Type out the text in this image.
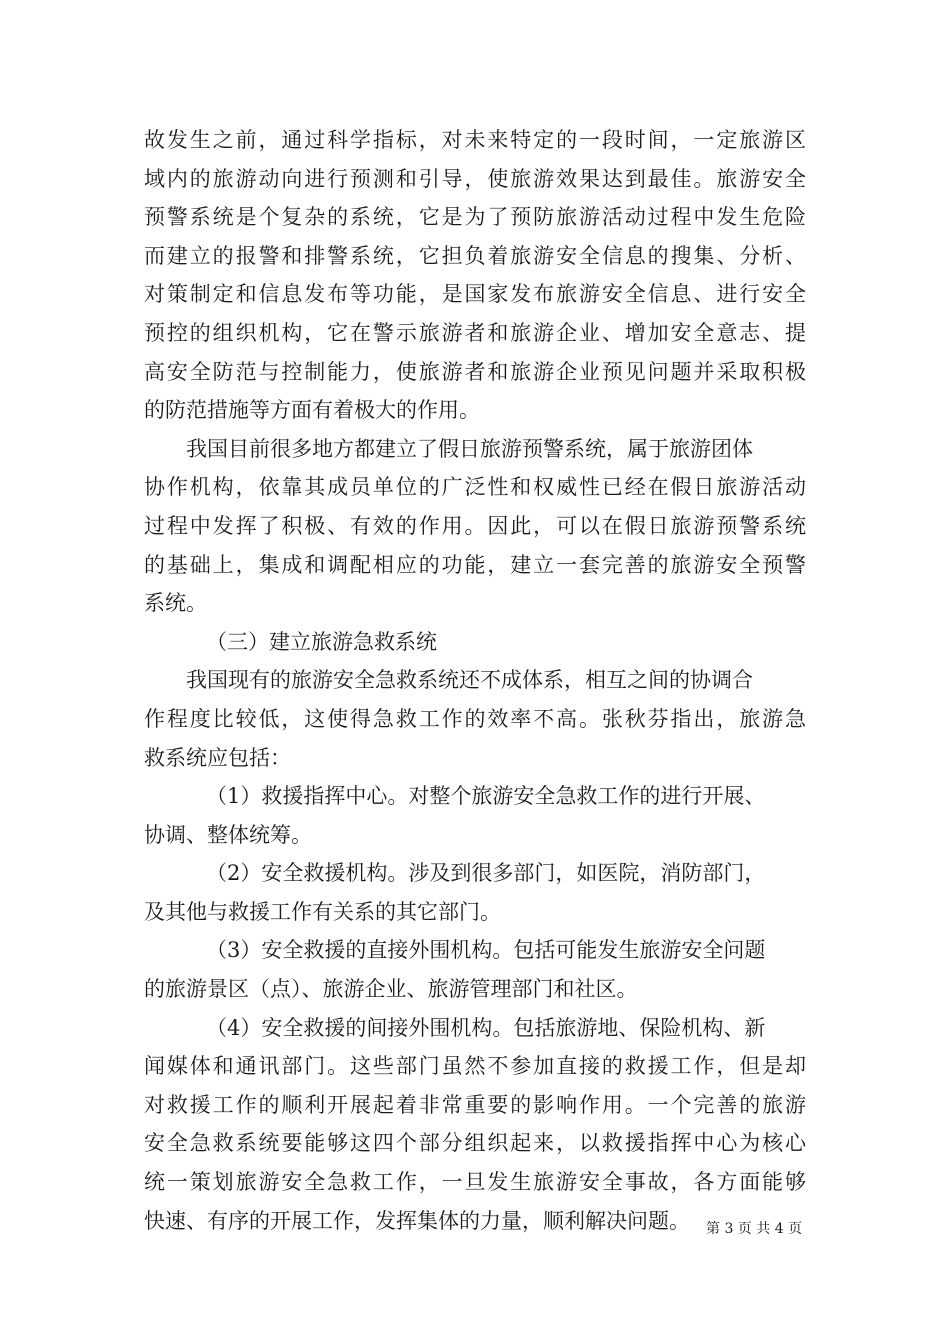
故发生之前，通过科学指标，对未来特定的一段时间，一定旅游区
域内的旅游动向进行预测和引导，使旅游效果达到最佳。旅游安全
预警系统是个复杂的系统，它是为了预防旅游活动过程中发生危险
而建立的报警和排警系统，它担负着旅游安全信息的搜集、分析、
对策制定和信息发布等功能，是国家发布旅游安全信息、进行安全
预控的组织机构，它在警示旅游者和旅游企业、增加安全意志、提
高安全防范与控制能力，使旅游者和旅游企业预见问题并采取积极
的防范措施等方面有着极大的作用。
我国目前很多地方都建立了假日旅游预警系统，属于旅游团体
协作机构，依靠其成员单位的广泛性和权威性已经在假日旅游活动
过程中发挥了积极、有效的作用。因此，可以在假日旅游预警系统
的基础上，集成和调配相应的功能，建立一套完善的旅游安全预警
系统。
（三）建立旅游急救系统
我国现有的旅游安全急救系统还不成体系，相互之间的协调合
作程度比较低，这使得急救工作的效率不高。张秋芬指出，旅游急
救系统应包括：
（1）救援指挥中心。对整个旅游安全急救工作的进行开展、
协调、整体统筹。
（2）安全救援机构。涉及到很多部门，如医院，消防部门，
及其他与救援工作有关系的其它部门。
（3）安全救援的直接外围机构。包括可能发生旅游安全问题
的旅游景区（点）、旅游企业、旅游管理部门和社区。
（4）安全救援的间接外围机构。包括旅游地、保险机构、新
闻媒体和通讯部门。这些部门虽然不参加直接的救援工作，但是却
对救援工作的顺利开展起着非常重要的影响作用。一个完善的旅游
安全急救系统要能够这四个部分组织起来，以救援指挥中心为核心
统一策划旅游安全急救工作，一旦发生旅游安全事故，各方面能够
快速、有序的开展工作，发挥集体的力量，顺利解决问题。	第 3 页 共 4 页
